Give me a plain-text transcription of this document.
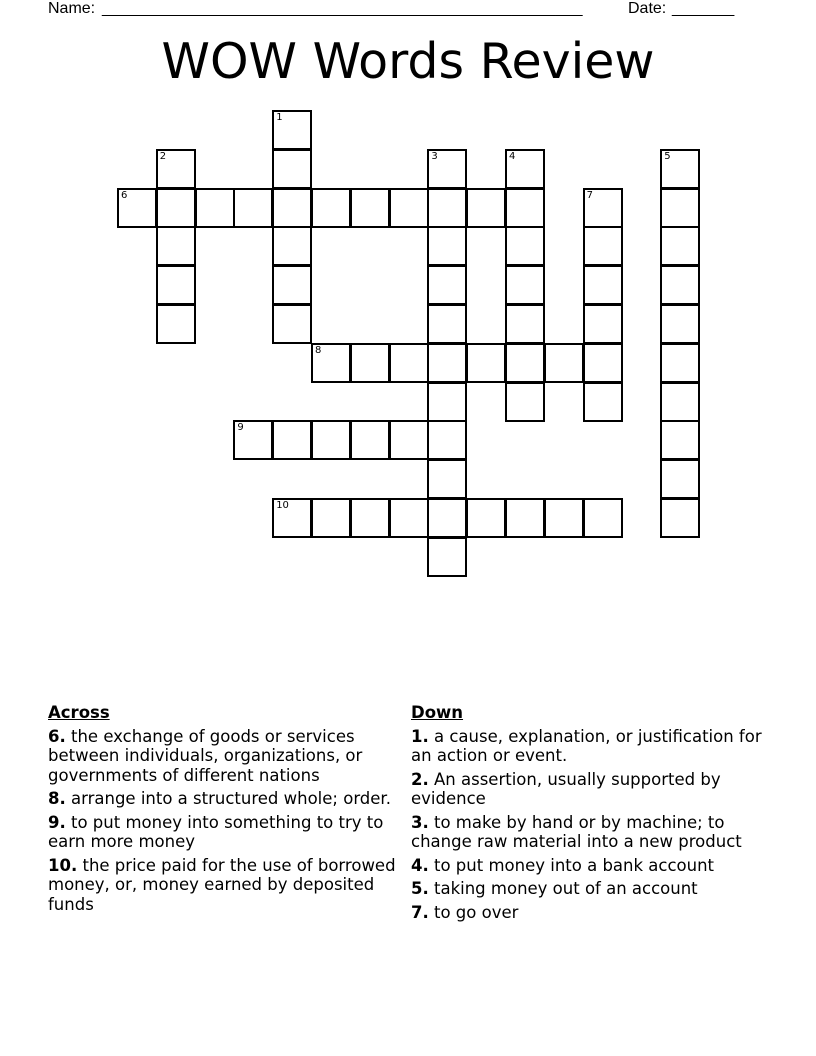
Name: ______________________________________________________	Date: _______
WOW Words Review
1
2	3	4	5
6	7
8
9
10
Across
6. the exchange of goods or services between individuals, organizations, or governments of different nations
8. arrange into a structured whole; order.
9. to put money into something to try to earn more money
10. the price paid for the use of borrowed money, or, money earned by deposited funds
Down
1. a cause, explanation, or justification for an action or event.
2. An assertion, usually supported by evidence
3. to make by hand or by machine; to change raw material into a new product
4. to put money into a bank account
5. taking money out of an account
7. to go over
